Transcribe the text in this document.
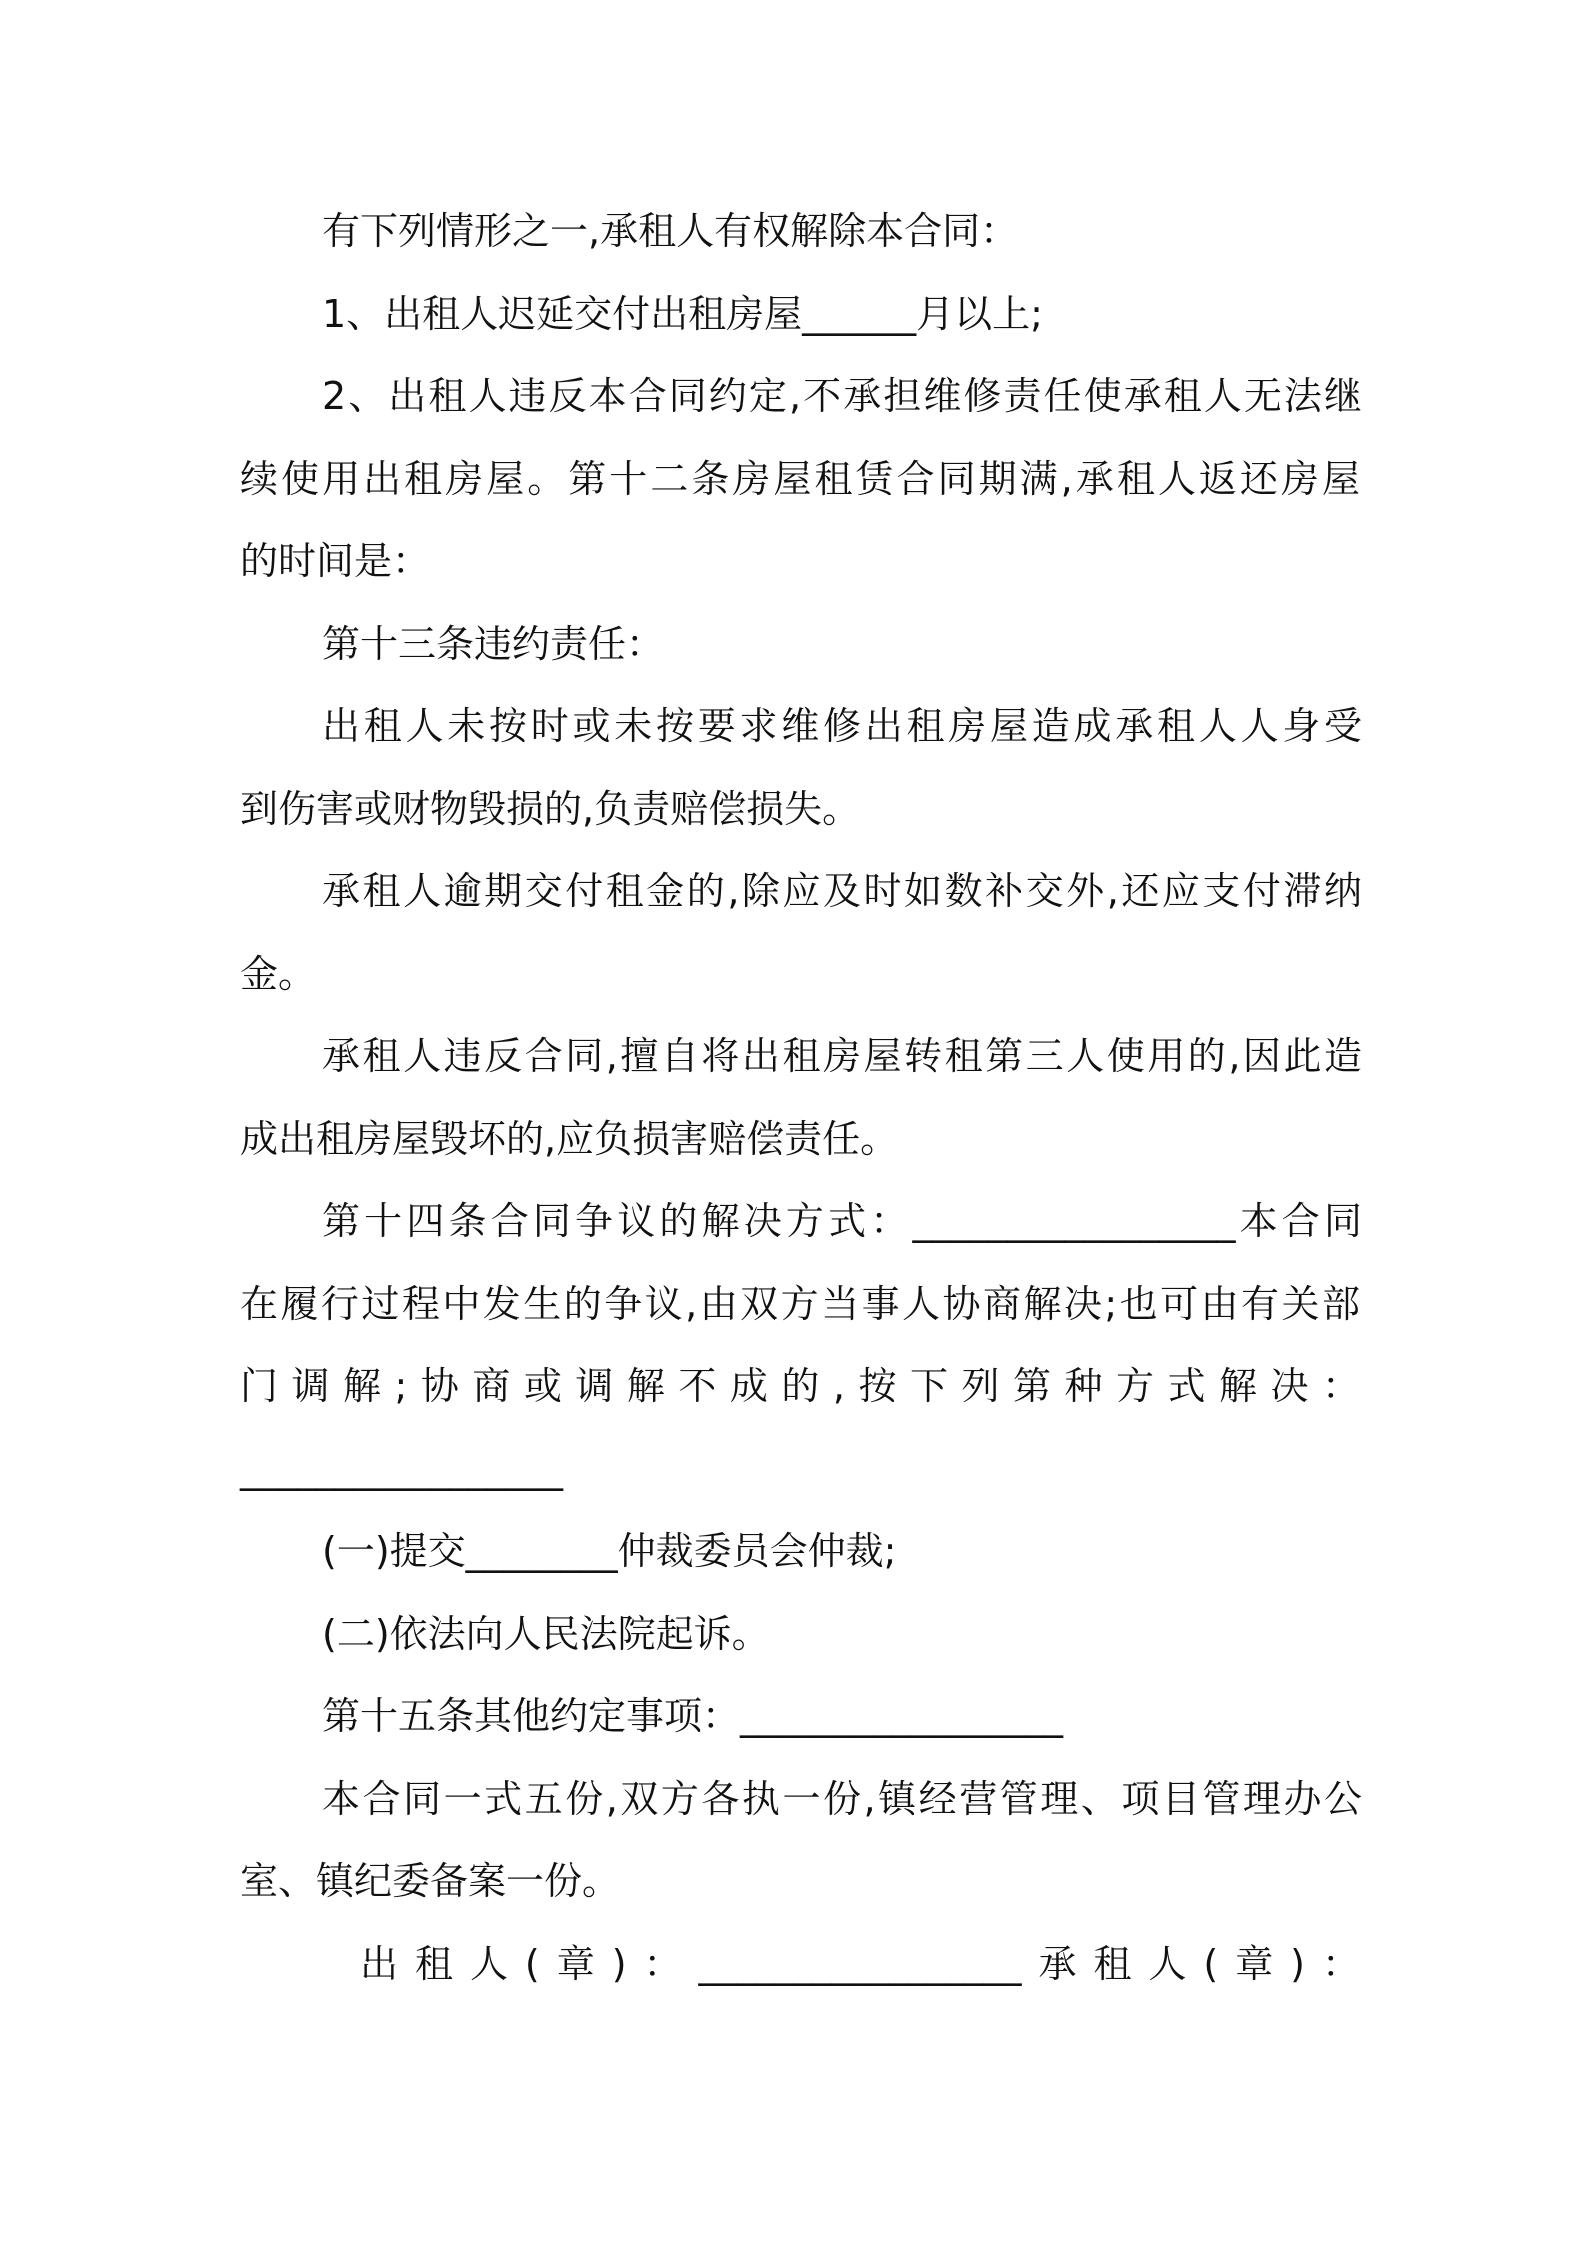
有下列情形之一,承租人有权解除本合同：
1、出租人迟延交付出租房屋______月以上;
2、出租人违反本合同约定,不承担维修责任使承租人无法继
续使用出租房屋。第十二条房屋租赁合同期满,承租人返还房屋
的时间是：
第十三条违约责任：
出租人未按时或未按要求维修出租房屋造成承租人人身受
到伤害或财物毁损的,负责赔偿损失。
承租人逾期交付租金的,除应及时如数补交外,还应支付滞纳
金。
承租人违反合同,擅自将出租房屋转租第三人使用的,因此造
成出租房屋毁坏的,应负损害赔偿责任。
第十四条合同争议的解决方式：_________________本合同
在履行过程中发生的争议,由双方当事人协商解决;也可由有关部
门调解;协商或调解不成的,按下列第种方式解决：
_________________
(一)提交________仲裁委员会仲裁;
(二)依法向人民法院起诉。
第十五条其他约定事项：_________________
本合同一式五份,双方各执一份,镇经营管理、项目管理办公
室、镇纪委备案一份。
出租人(章)：_________________承租人(章)：
